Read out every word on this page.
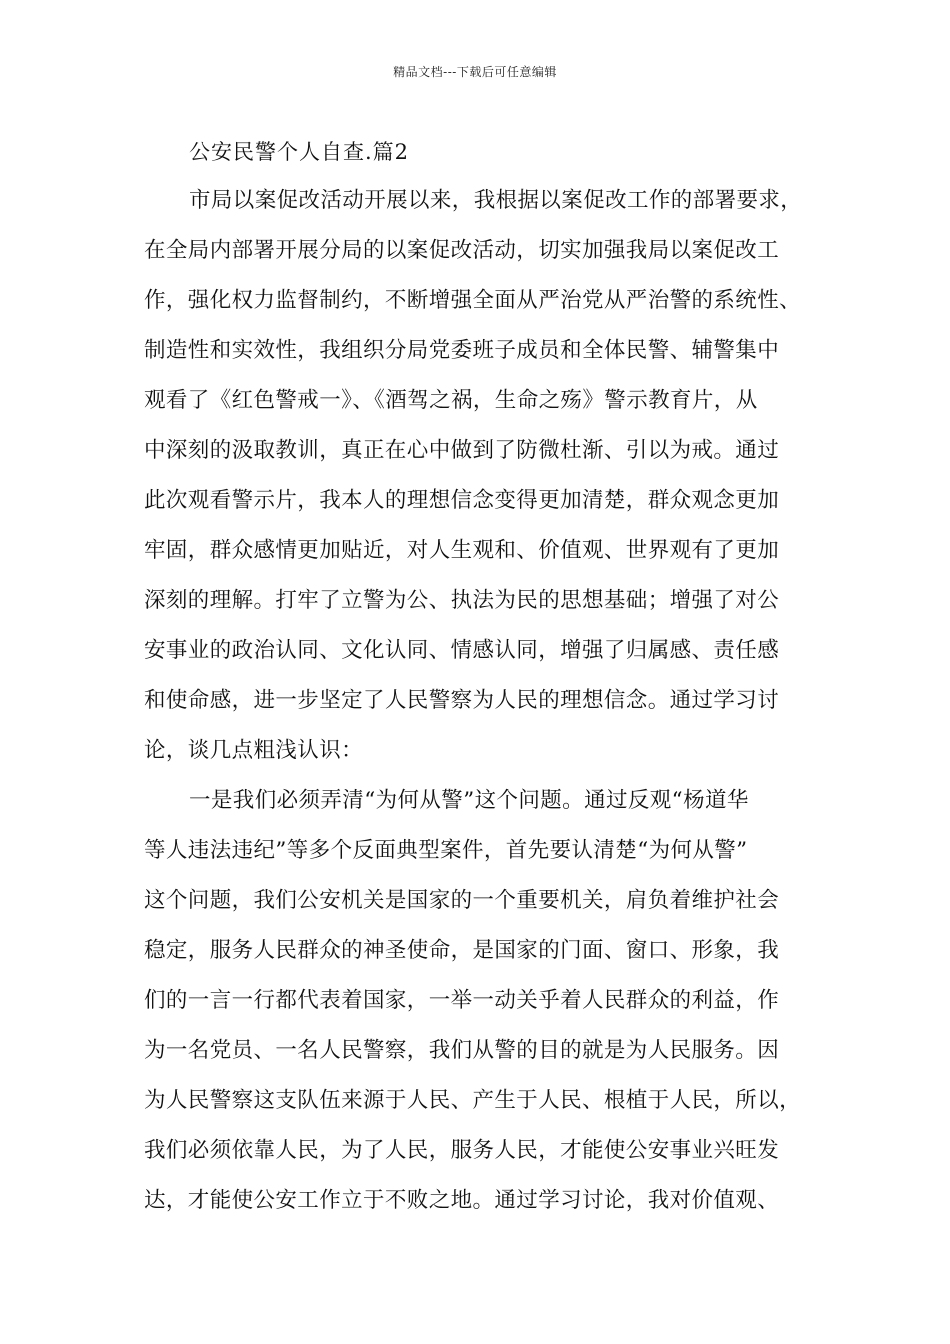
精品文档---下载后可任意编辑
公安民警个人自查.篇2
市局以案促改活动开展以来，我根据以案促改工作的部署要求，
在全局内部署开展分局的以案促改活动，切实加强我局以案促改工
作，强化权力监督制约，不断增强全面从严治党从严治警的系统性、
制造性和实效性，我组织分局党委班子成员和全体民警、辅警集中
观看了《红色警戒一》、《酒驾之祸，生命之殇》警示教育片，从
中深刻的汲取教训，真正在心中做到了防微杜渐、引以为戒。通过
此次观看警示片，我本人的理想信念变得更加清楚，群众观念更加
牢固，群众感情更加贴近，对人生观和、价值观、世界观有了更加
深刻的理解。打牢了立警为公、执法为民的思想基础；增强了对公
安事业的政治认同、文化认同、情感认同，增强了归属感、责任感
和使命感，进一步坚定了人民警察为人民的理想信念。通过学习讨
论，谈几点粗浅认识：
一是我们必须弄清“为何从警”这个问题。通过反观“杨道华
等人违法违纪”等多个反面典型案件，首先要认清楚“为何从警”
这个问题，我们公安机关是国家的一个重要机关，肩负着维护社会
稳定，服务人民群众的神圣使命，是国家的门面、窗口、形象，我
们的一言一行都代表着国家，一举一动关乎着人民群众的利益，作
为一名党员、一名人民警察，我们从警的目的就是为人民服务。因
为人民警察这支队伍来源于人民、产生于人民、根植于人民，所以，
我们必须依靠人民，为了人民，服务人民，才能使公安事业兴旺发
达，才能使公安工作立于不败之地。通过学习讨论，我对价值观、
